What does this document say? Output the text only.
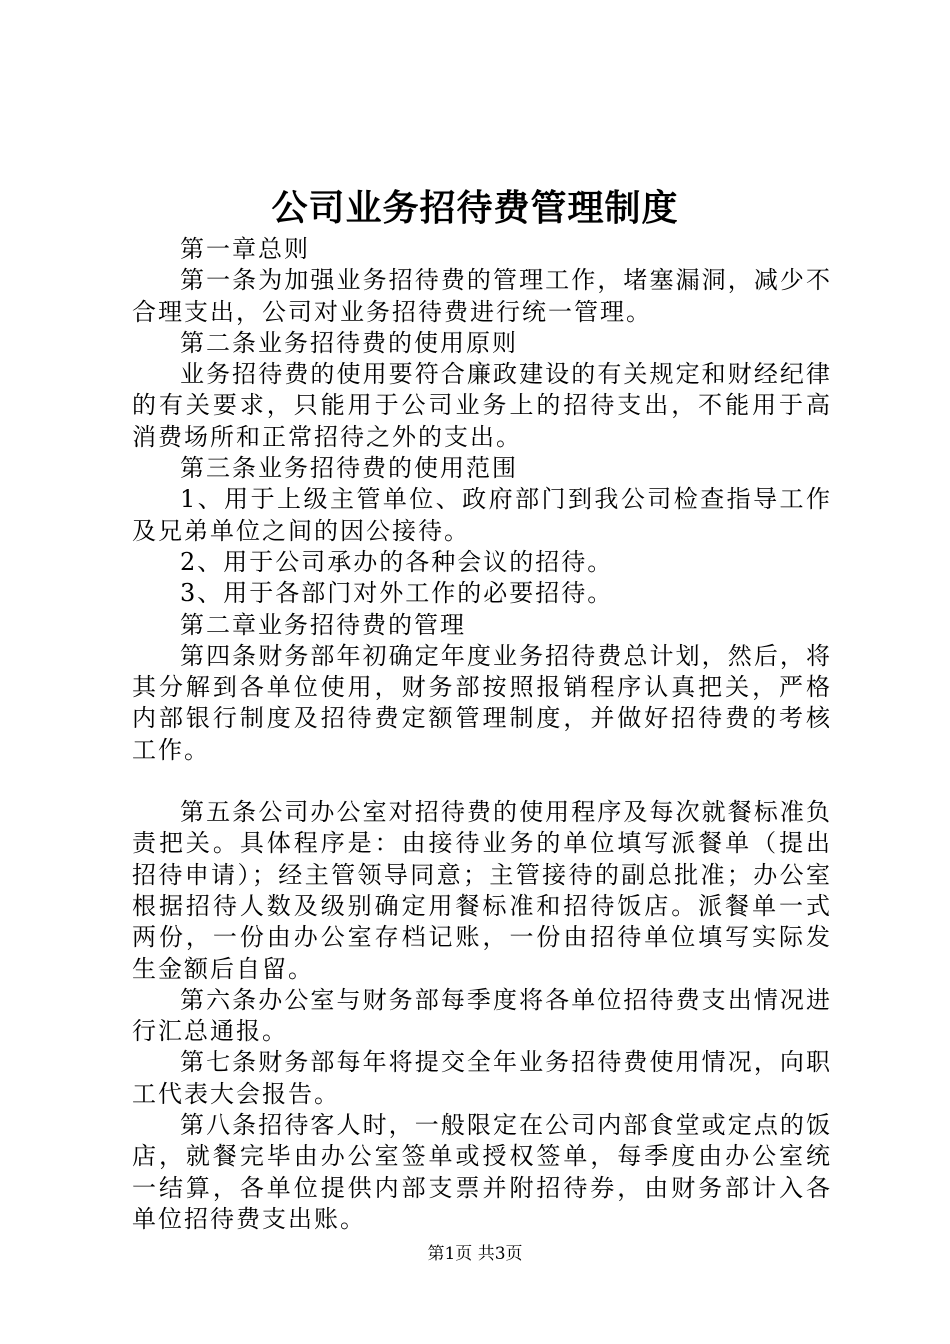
公司业务招待费管理制度

第一章总则

第一条为加强业务招待费的管理工作，堵塞漏洞，减少不合理支出，公司对业务招待费进行统一管理。

第二条业务招待费的使用原则

业务招待费的使用要符合廉政建设的有关规定和财经纪律的有关要求，只能用于公司业务上的招待支出，不能用于高消费场所和正常招待之外的支出。

第三条业务招待费的使用范围

1、用于上级主管单位、政府部门到我公司检查指导工作及兄弟单位之间的因公接待。

2、用于公司承办的各种会议的招待。

3、用于各部门对外工作的必要招待。

第二章业务招待费的管理

第四条财务部年初确定年度业务招待费总计划，然后，将其分解到各单位使用，财务部按照报销程序认真把关，严格内部银行制度及招待费定额管理制度，并做好招待费的考核工作。

第五条公司办公室对招待费的使用程序及每次就餐标准负责把关。具体程序是：由接待业务的单位填写派餐单（提出招待申请）；经主管领导同意；主管接待的副总批准；办公室根据招待人数及级别确定用餐标准和招待饭店。派餐单一式两份，一份由办公室存档记账，一份由招待单位填写实际发生金额后自留。

第六条办公室与财务部每季度将各单位招待费支出情况进行汇总通报。

第七条财务部每年将提交全年业务招待费使用情况，向职工代表大会报告。

第八条招待客人时，一般限定在公司内部食堂或定点的饭店，就餐完毕由办公室签单或授权签单，每季度由办公室统一结算，各单位提供内部支票并附招待券，由财务部计入各单位招待费支出账。

第1页 共3页
